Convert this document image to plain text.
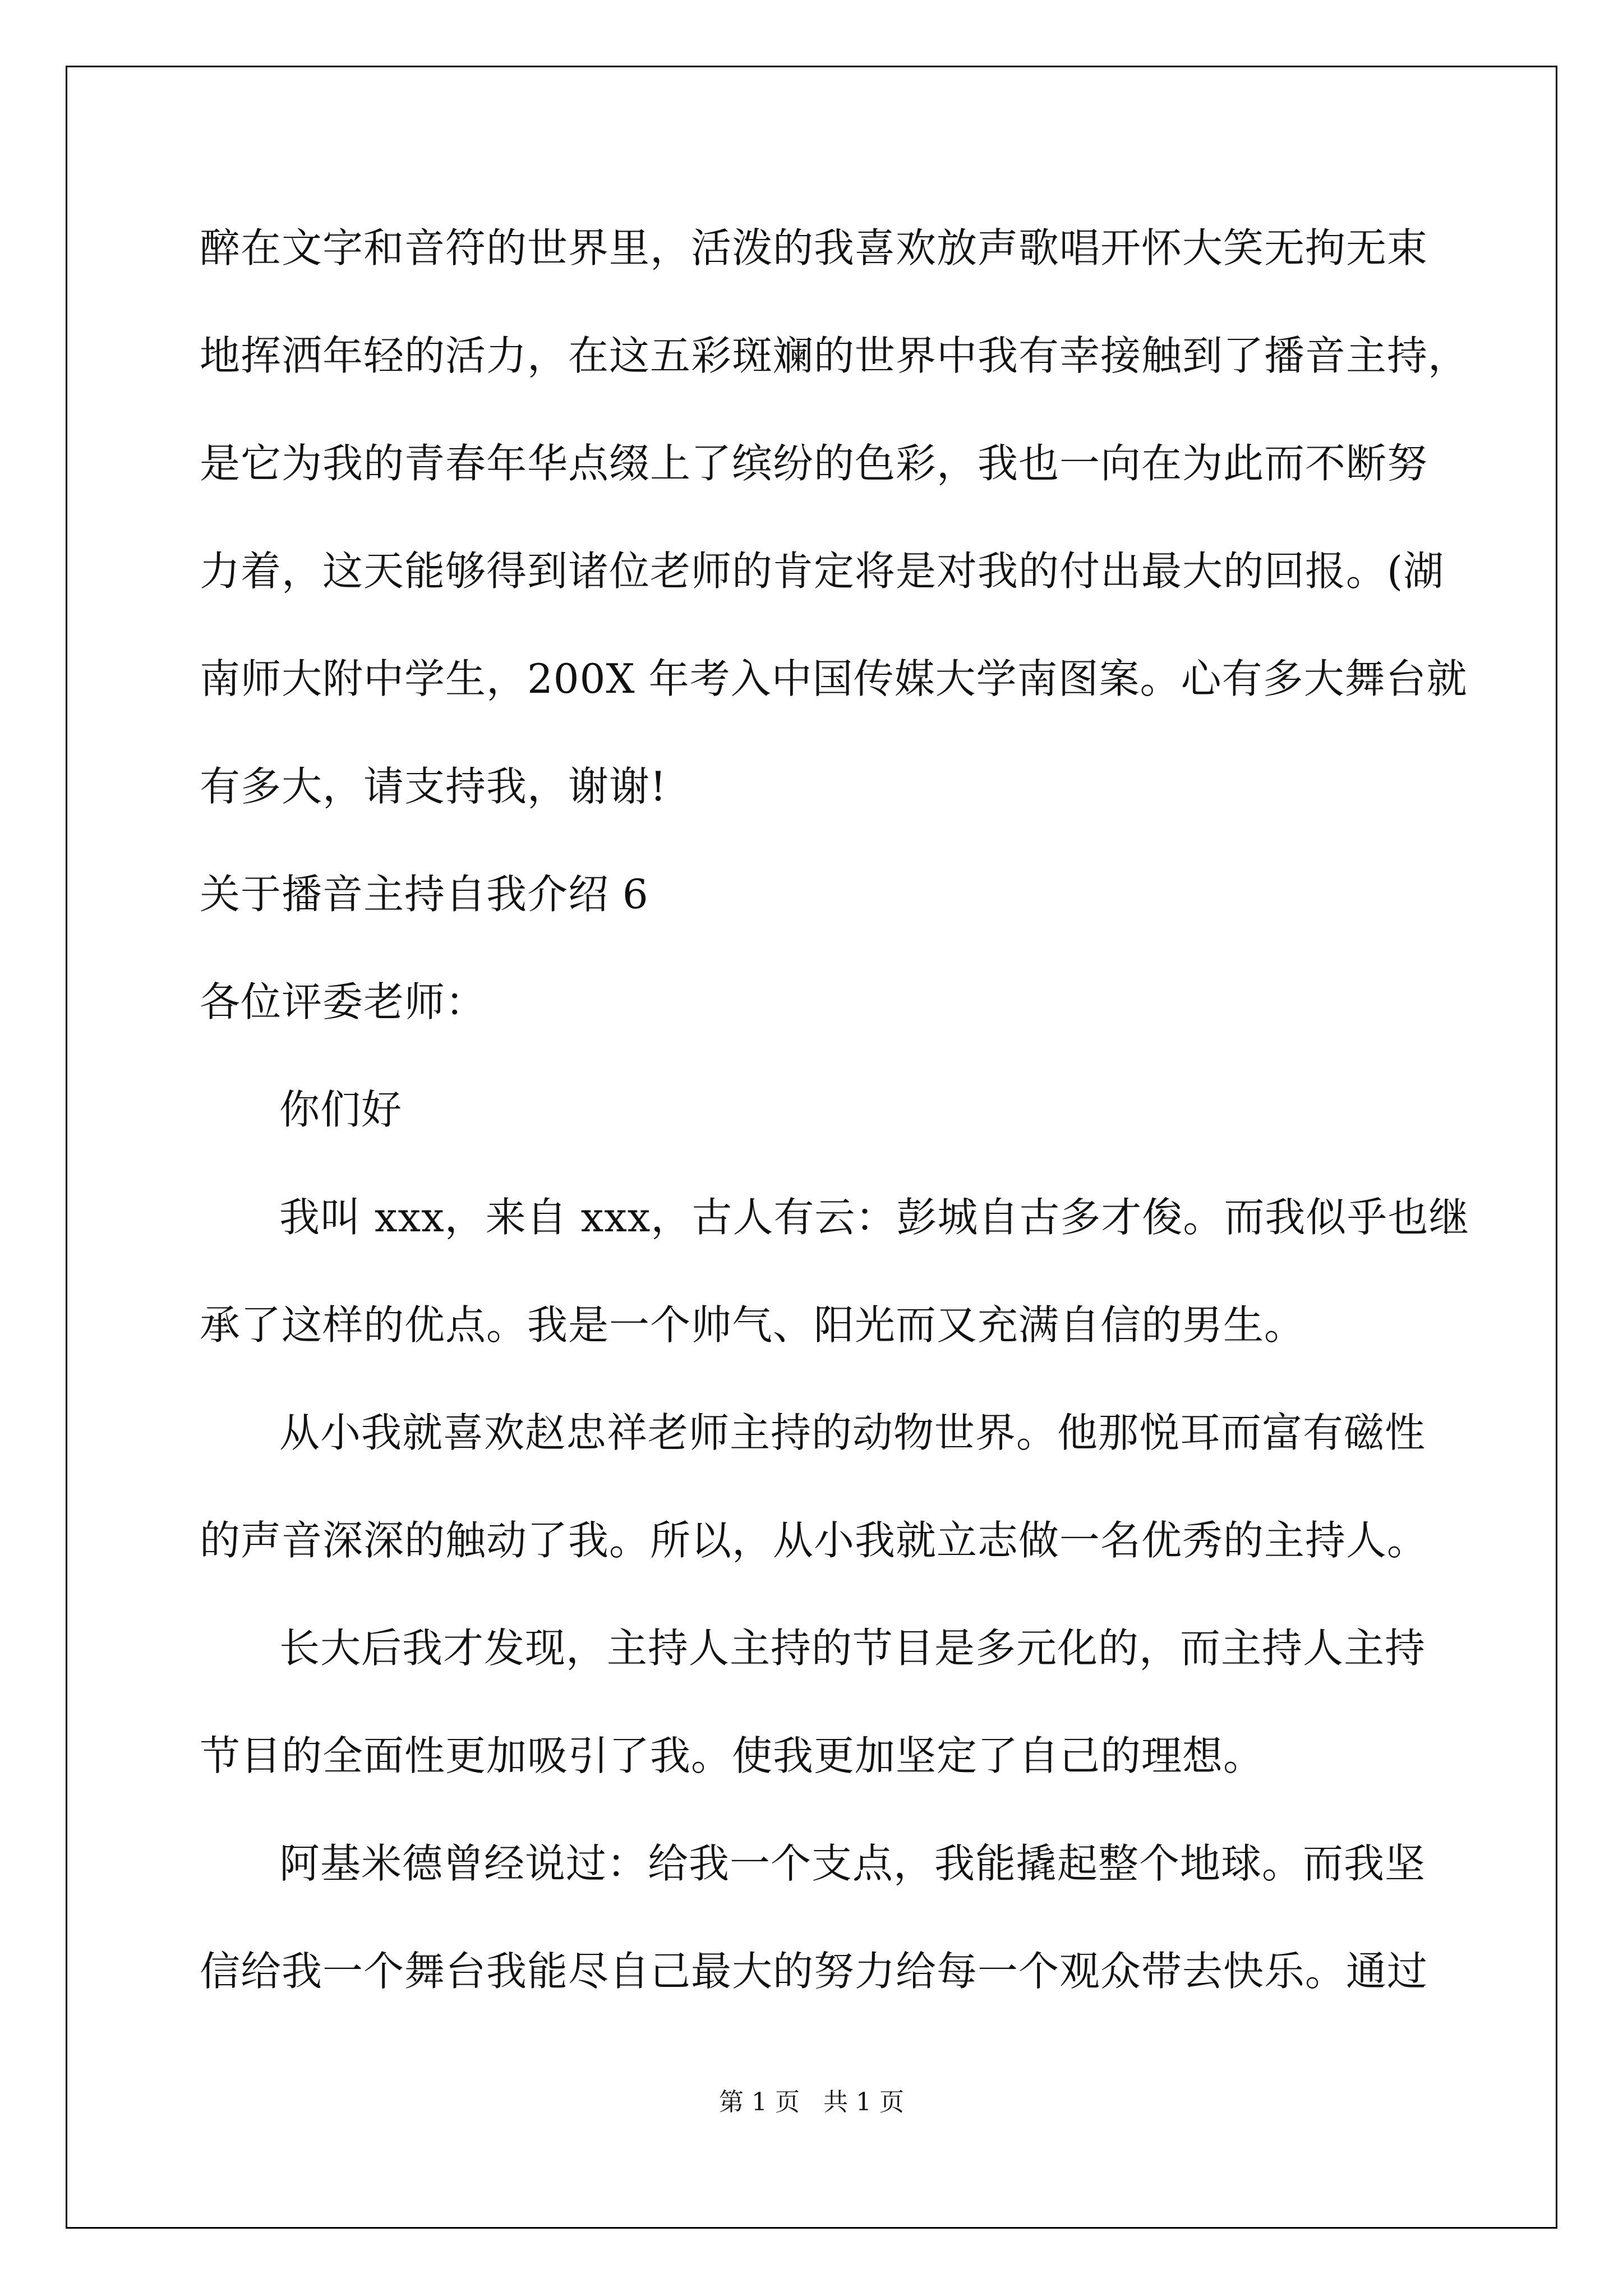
醉在文字和音符的世界里，活泼的我喜欢放声歌唱开怀大笑无拘无束
地挥洒年轻的活力，在这五彩斑斓的世界中我有幸接触到了播音主持，
是它为我的青春年华点缀上了缤纷的色彩，我也一向在为此而不断努
力着，这天能够得到诸位老师的肯定将是对我的付出最大的回报。(湖
南师大附中学生，200X 年考入中国传媒大学南图案。心有多大舞台就
有多大，请支持我，谢谢!
关于播音主持自我介绍 6
各位评委老师：
你们好
我叫 xxx，来自 xxx，古人有云：彭城自古多才俊。而我似乎也继
承了这样的优点。我是一个帅气、阳光而又充满自信的男生。
从小我就喜欢赵忠祥老师主持的动物世界。他那悦耳而富有磁性
的声音深深的触动了我。所以，从小我就立志做一名优秀的主持人。
长大后我才发现，主持人主持的节目是多元化的，而主持人主持
节目的全面性更加吸引了我。使我更加坚定了自己的理想。
阿基米德曾经说过：给我一个支点，我能撬起整个地球。而我坚
信给我一个舞台我能尽自己最大的努力给每一个观众带去快乐。通过
第 1 页 共 1 页
